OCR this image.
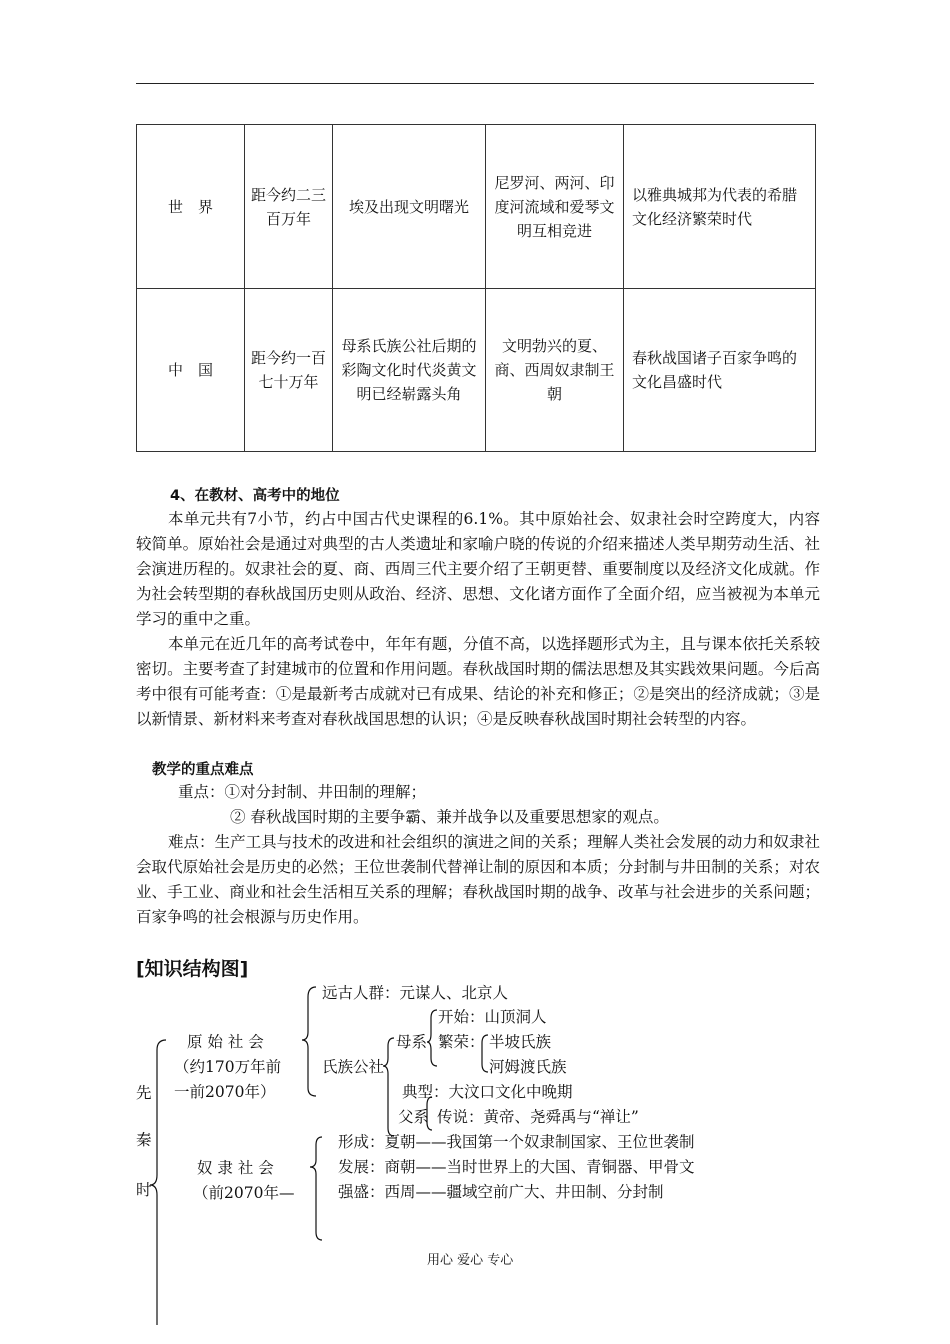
世　界	距今约二三百万年	埃及出现文明曙光	尼罗河、两河、印度河流域和爱琴文明互相竞进	以雅典城邦为代表的希腊文化经济繁荣时代
中　国	距今约一百七十万年	母系氏族公社后期的彩陶文化时代炎黄文明已经崭露头角	文明勃兴的夏、商、西周奴隶制王朝	春秋战国诸子百家争鸣的文化昌盛时代
4、在教材、高考中的地位
本单元共有7小节，约占中国古代史课程的6.1%。其中原始社会、奴隶社会时空跨度大，内容较简单。原始社会是通过对典型的古人类遗址和家喻户晓的传说的介绍来描述人类早期劳动生活、社会演进历程的。奴隶社会的夏、商、西周三代主要介绍了王朝更替、重要制度以及经济文化成就。作为社会转型期的春秋战国历史则从政治、经济、思想、文化诸方面作了全面介绍，应当被视为本单元学习的重中之重。
本单元在近几年的高考试卷中，年年有题，分值不高，以选择题形式为主，且与课本依托关系较密切。主要考查了封建城市的位置和作用问题。春秋战国时期的儒法思想及其实践效果问题。今后高考中很有可能考查：①是最新考古成就对已有成果、结论的补充和修正；②是突出的经济成就；③是以新情景、新材料来考查对春秋战国思想的认识；④是反映春秋战国时期社会转型的内容。
教学的重点难点
重点：①对分封制、井田制的理解；
② 春秋战国时期的主要争霸、兼并战争以及重要思想家的观点。
难点：生产工具与技术的改进和社会组织的演进之间的关系；理解人类社会发展的动力和奴隶社会取代原始社会是历史的必然；王位世袭制代替禅让制的原因和本质；分封制与井田制的关系；对农业、手工业、商业和社会生活相互关系的理解；春秋战国时期的战争、改革与社会进步的关系问题；百家争鸣的社会根源与历史作用。
[知识结构图]
先
秦
时
原 始 社 会
（约170万年前
一前2070年）
远古人群：元谋人、北京人
氏族公社
母系
开始：山顶洞人
繁荣： 半坡氏族
河姆渡氏族
典型：大汶口文化中晚期
父系 传说：黄帝、尧舜禹与“禅让”
奴 隶 社 会
（前2070年—
形成：夏朝——我国第一个奴隶制国家、王位世袭制
发展：商朝——当时世界上的大国、青铜器、甲骨文
强盛：西周——疆域空前广大、井田制、分封制
用心 爱心 专心
